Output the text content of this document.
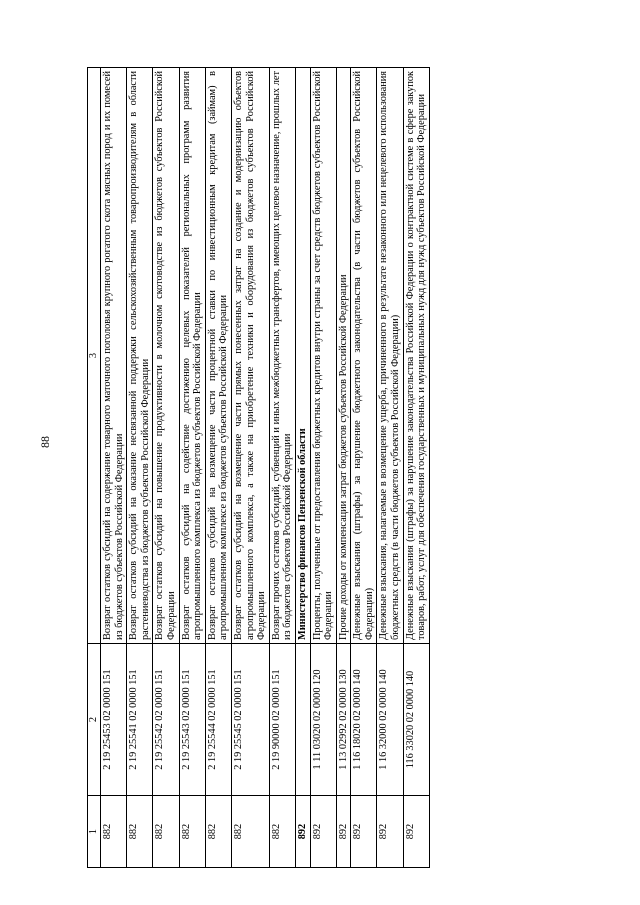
88
1	2	3
882	2 19 25453 02 0000 151	Возврат остатков субсидий на содержание товарного маточного поголовья крупного рогатого скота мясных пород и их помесей из бюджетов субъектов Российской Федерации
882	2 19 25541 02 0000 151	Возврат остатков субсидий на оказание несвязанной поддержки сельскохозяйственным товаропроизводителям в области растениеводства из бюджетов субъектов Российской Федерации
882	2 19 25542 02 0000 151	Возврат остатков субсидий на повышение продуктивности в молочном скотоводстве из бюджетов субъектов Российской Федерации
882	2 19 25543 02 0000 151	Возврат остатков субсидий на содействие достижению целевых показателей региональных программ развития агропромышленного комплекса из бюджетов субъектов Российской Федерации
882	2 19 25544 02 0000 151	Возврат остатков субсидий на возмещение части процентной ставки по инвестиционным кредитам (займам) в агропромышленном комплексе из бюджетов субъектов Российской Федерации
882	2 19 25545 02 0000 151	Возврат остатков субсидий на возмещение части прямых понесенных затрат на создание и модернизацию объектов агропромышленного комплекса, а также на приобретение техники и оборудования из бюджетов субъектов Российской Федерации
882	2 19 90000 02 0000 151	Возврат прочих остатков субсидий, субвенций и иных межбюджетных трансфертов, имеющих целевое назначение, прошлых лет из бюджетов субъектов Российской Федерации
892		Министерство финансов Пензенской области
892	1 11 03020 02 0000 120	Проценты, полученные от предоставления бюджетных кредитов внутри страны за счет средств бюджетов субъектов Российской Федерации
892	1 13 02992 02 0000 130	Прочие доходы от компенсации затрат бюджетов субъектов Российской Федерации
892	1 16 18020 02 0000 140	Денежные взыскания (штрафы) за нарушение бюджетного законодательства (в части бюджетов субъектов Российской Федерации)
892	1 16 32000 02 0000 140	Денежные взыскания, налагаемые в возмещение ущерба, причиненного в результате незаконного или нецелевого использования бюджетных средств (в части бюджетов субъектов Российской Федерации)
892	116 33020 02 0000 140	Денежные взыскания (штрафы) за нарушение законодательства Российской Федерации о контрактной системе в сфере закупок товаров, работ, услуг для обеспечения государственных и муниципальных нужд для нужд субъектов Российской Федерации
